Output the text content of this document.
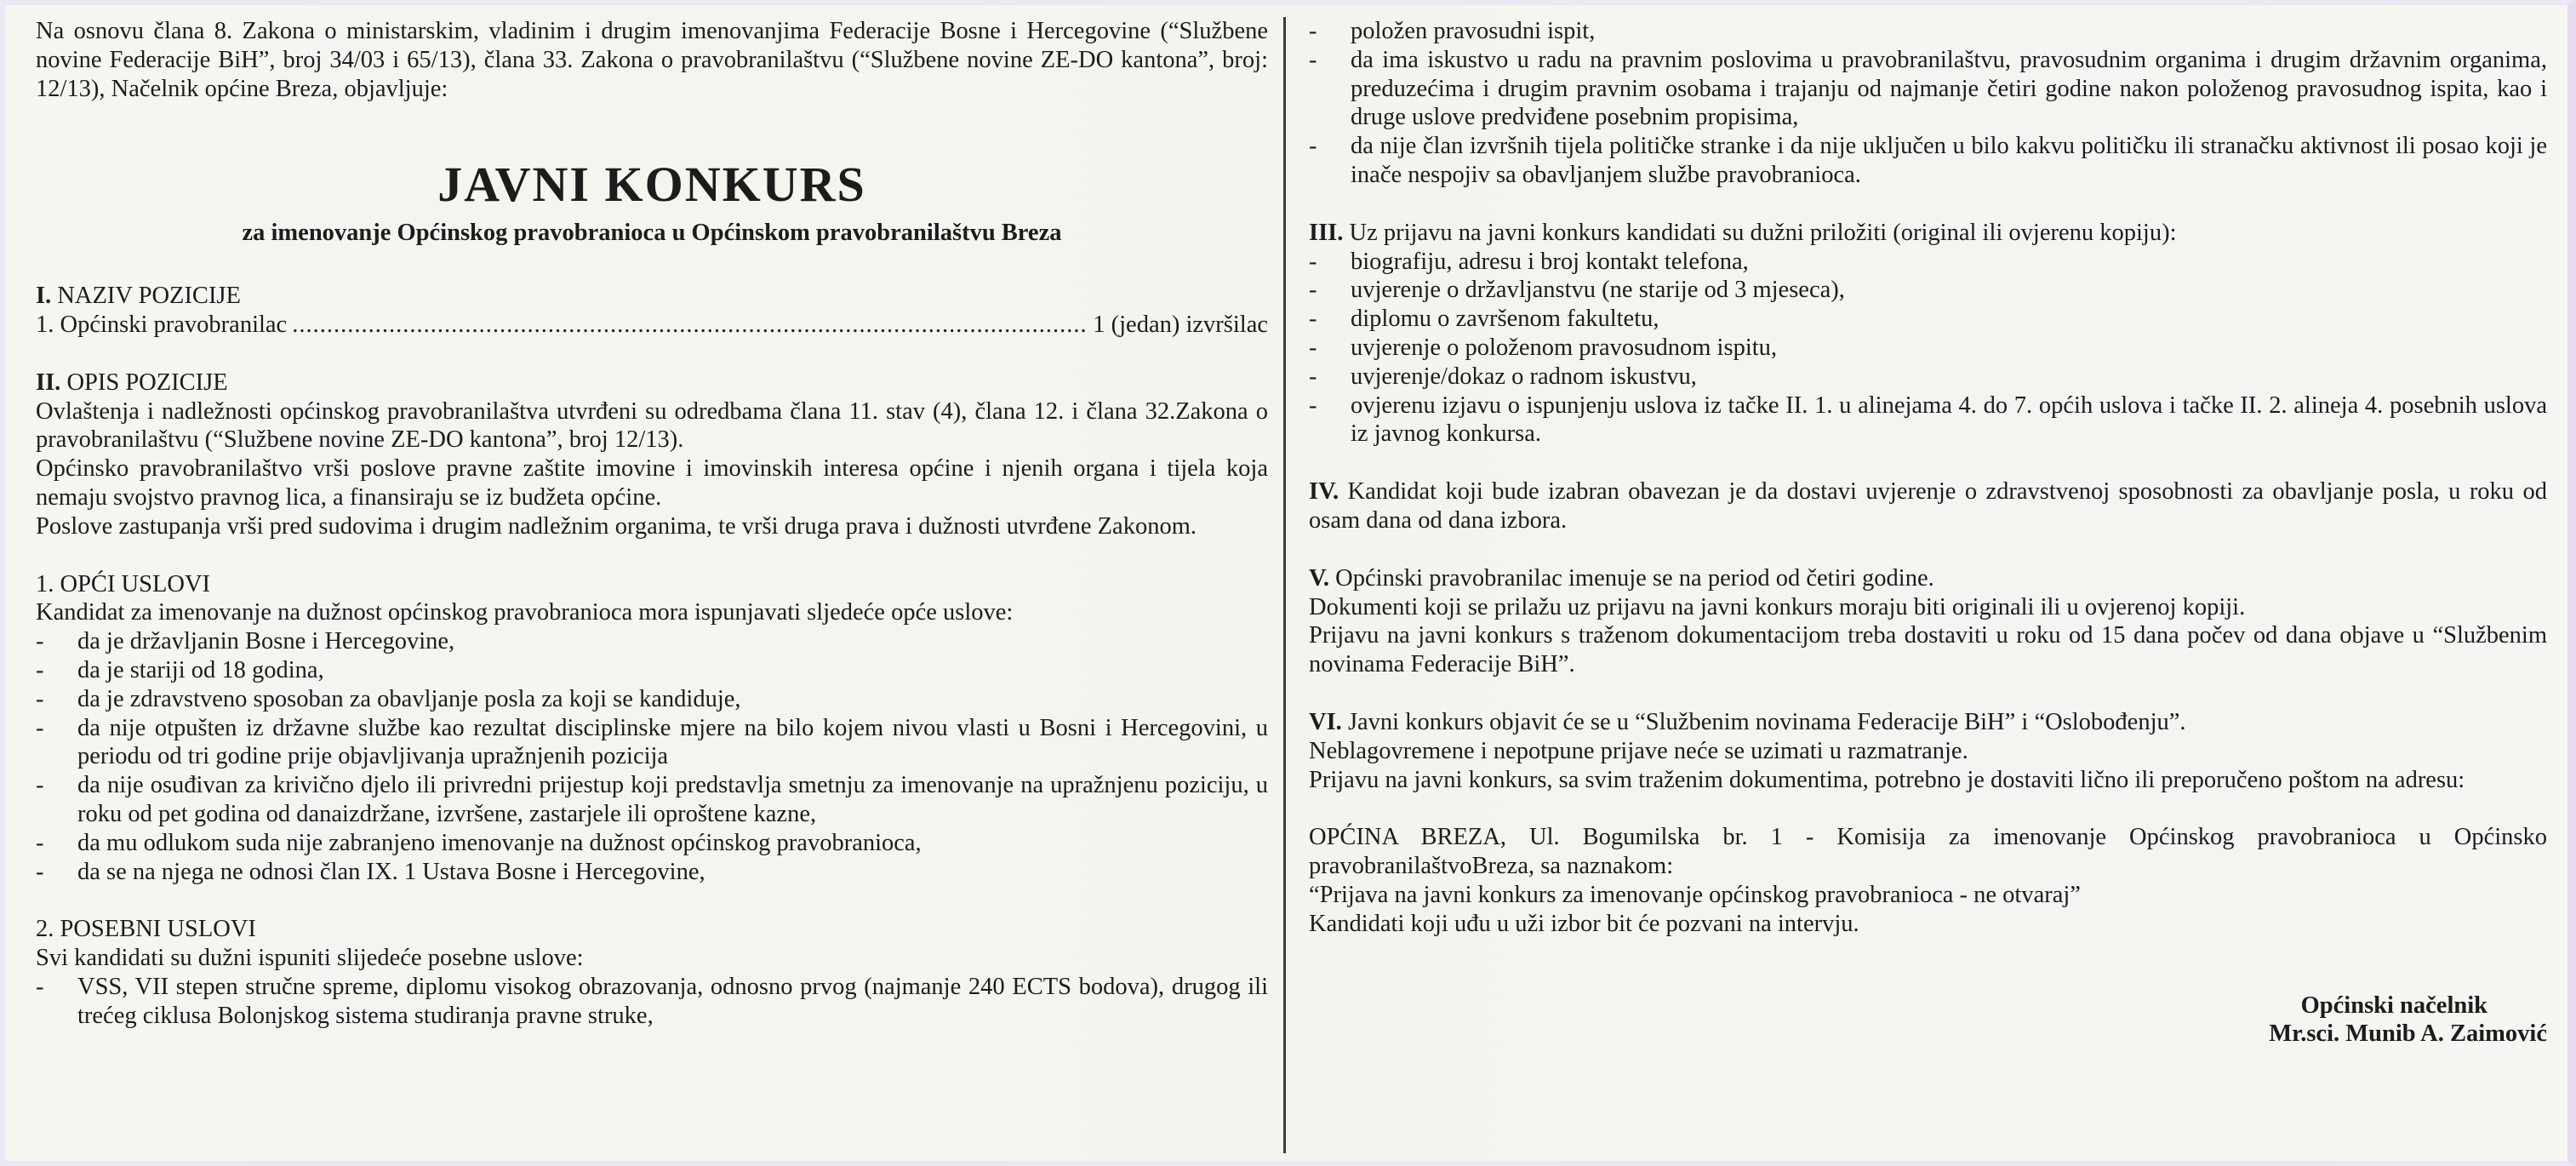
Na osnovu člana 8. Zakona o ministarskim, vladinim i drugim imenovanjima Federacije Bosne i Hercegovine (“Službene novine Federacije BiH”, broj 34/03 i 65/13), člana 33. Zakona o pravobranilaštvu (“Službene novine ZE-DO kantona”, broj: 12/13), Načelnik općine Breza, objavljuje:

JAVNI KONKURS
za imenovanje Općinskog pravobranioca u Općinskom pravobranilaštvu Breza
I. NAZIV POZICIJE
1. Općinski pravobranilac
.....	1 (jedan) izvršilac
II. OPIS POZICIJE

Ovlaštenja i nadležnosti općinskog pravobranilaštva utvrđeni su odredbama člana 11. stav (4), člana 12. i člana 32.Zakona o pravobranilaštvu (“Službene novine ZE-DO kantona”, broj 12/13).

Općinsko pravobranilaštvo vrši poslove pravne zaštite imovine i imovinskih interesa općine i njenih organa i tijela koja nemaju svojstvo pravnog lica, a finansiraju se iz budžeta općine.

Poslove zastupanja vrši pred sudovima i drugim nadležnim organima, te vrši druga prava i dužnosti utvrđene Zakonom.

1. OPĆI USLOVI

Kandidat za imenovanje na dužnost općinskog pravobranioca mora ispunjavati sljedeće opće uslove:

- da je državljanin Bosne i Hercegovine,
- da je stariji od 18 godina,
- da je zdravstveno sposoban za obavljanje posla za koji se kandiduje,
- da nije otpušten iz državne službe kao rezultat disciplinske mjere na bilo kojem nivou vlasti u Bosni i Hercegovini, u periodu od tri godine prije objavljivanja upražnjenih pozicija
- da nije osuđivan za krivično djelo ili privredni prijestup koji predstavlja smetnju za imenovanje na upražnjenu poziciju, u roku od pet godina od danaizdržane, izvršene, zastarjele ili oproštene kazne,
- da mu odlukom suda nije zabranjeno imenovanje na dužnost općinskog pravobranioca,
- da se na njega ne odnosi član IX. 1 Ustava Bosne i Hercegovine,
2. POSEBNI USLOVI

Svi kandidati su dužni ispuniti slijedeće posebne uslove:

- VSS, VII stepen stručne spreme, diplomu visokog obrazovanja, odnosno prvog (najmanje 240 ECTS bodova), drugog ili trećeg ciklusa Bolonjskog sistema studiranja pravne struke,
- položen pravosudni ispit,
- da ima iskustvo u radu na pravnim poslovima u pravobranilaštvu, pravosudnim organima i drugim državnim organima, preduzećima i drugim pravnim osobama i trajanju od najmanje četiri godine nakon položenog pravosudnog ispita, kao i druge uslove predviđene posebnim propisima,
- da nije član izvršnih tijela političke stranke i da nije uključen u bilo kakvu političku ili stranačku aktivnost ili posao koji je inače nespojiv sa obavljanjem službe pravobranioca.

III. Uz prijavu na javni konkurs kandidati su dužni priložiti (original ili ovjerenu kopiju):

- biografiju, adresu i broj kontakt telefona,
- uvjerenje o državljanstvu (ne starije od 3 mjeseca),
- diplomu o završenom fakultetu,
- uvjerenje o položenom pravosudnom ispitu,
- uvjerenje/dokaz o radnom iskustvu,
- ovjerenu izjavu o ispunjenju uslova iz tačke II. 1. u alinejama 4. do 7. općih uslova i tačke II. 2. alineja 4. posebnih uslova iz javnog konkursa.

IV. Kandidat koji bude izabran obavezan je da dostavi uvjerenje o zdravstvenoj sposobnosti za obavljanje posla, u roku od osam dana od dana izbora.

V. Općinski pravobranilac imenuje se na period od četiri godine.

Dokumenti koji se prilažu uz prijavu na javni konkurs moraju biti originali ili u ovjerenoj kopiji.

Prijavu na javni konkurs s traženom dokumentacijom treba dostaviti u roku od 15 dana počev od dana objave u “Službenim novinama Federacije BiH”.

VI. Javni konkurs objavit će se u “Službenim novinama Federacije BiH” i “Oslobođenju”.

Neblagovremene i nepotpune prijave neće se uzimati u razmatranje.

Prijavu na javni konkurs, sa svim traženim dokumentima, potrebno je dostaviti lično ili preporučeno poštom na adresu:

OPĆINA BREZA, Ul. Bogumilska br. 1 - Komisija za imenovanje Općinskog pravobranioca u Općinsko pravobranilaštvoBreza, sa naznakom:

“Prijava na javni konkurs za imenovanje općinskog pravobranioca - ne otvaraj”

Kandidati koji uđu u uži izbor bit će pozvani na intervju.

Općinski načelnik
Mr.sci. Munib A. Zaimović
